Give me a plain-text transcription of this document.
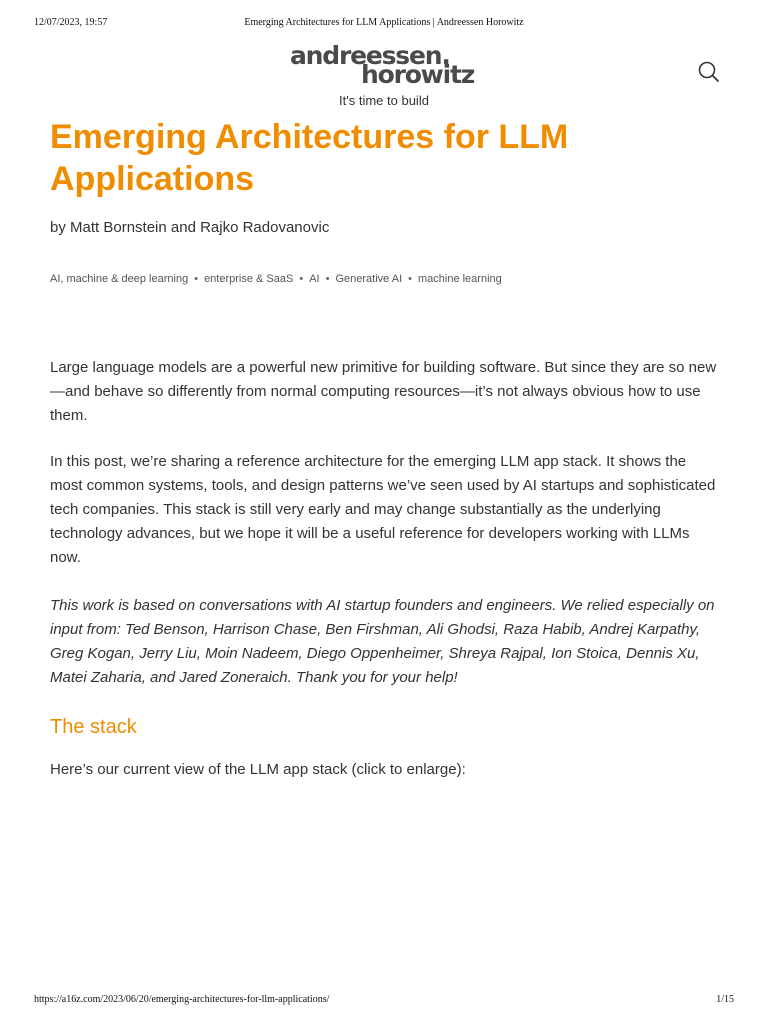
12/07/2023, 19:57	Emerging Architectures for LLM Applications | Andreessen Horowitz
andreessen.
horowitz
It's time to build
Emerging Architectures for LLM Applications
by Matt Bornstein and Rajko Radovanovic
AI, machine & deep learning • enterprise & SaaS • AI • Generative AI • machine learning

Large language models are a powerful new primitive for building software. But since they are so new—and behave so differently from normal computing resources—it’s not always obvious how to use them.

In this post, we’re sharing a reference architecture for the emerging LLM app stack. It shows the most common systems, tools, and design patterns we’ve seen used by AI startups and sophisticated tech companies. This stack is still very early and may change substantially as the underlying technology advances, but we hope it will be a useful reference for developers working with LLMs now.

This work is based on conversations with AI startup founders and engineers. We relied especially on input from: Ted Benson, Harrison Chase, Ben Firshman, Ali Ghodsi, Raza Habib, Andrej Karpathy, Greg Kogan, Jerry Liu, Moin Nadeem, Diego Oppenheimer, Shreya Rajpal, Ion Stoica, Dennis Xu, Matei Zaharia, and Jared Zoneraich. Thank you for your help!

The stack

Here’s our current view of the LLM app stack (click to enlarge):

https://a16z.com/2023/06/20/emerging-architectures-for-llm-applications/	1/15
